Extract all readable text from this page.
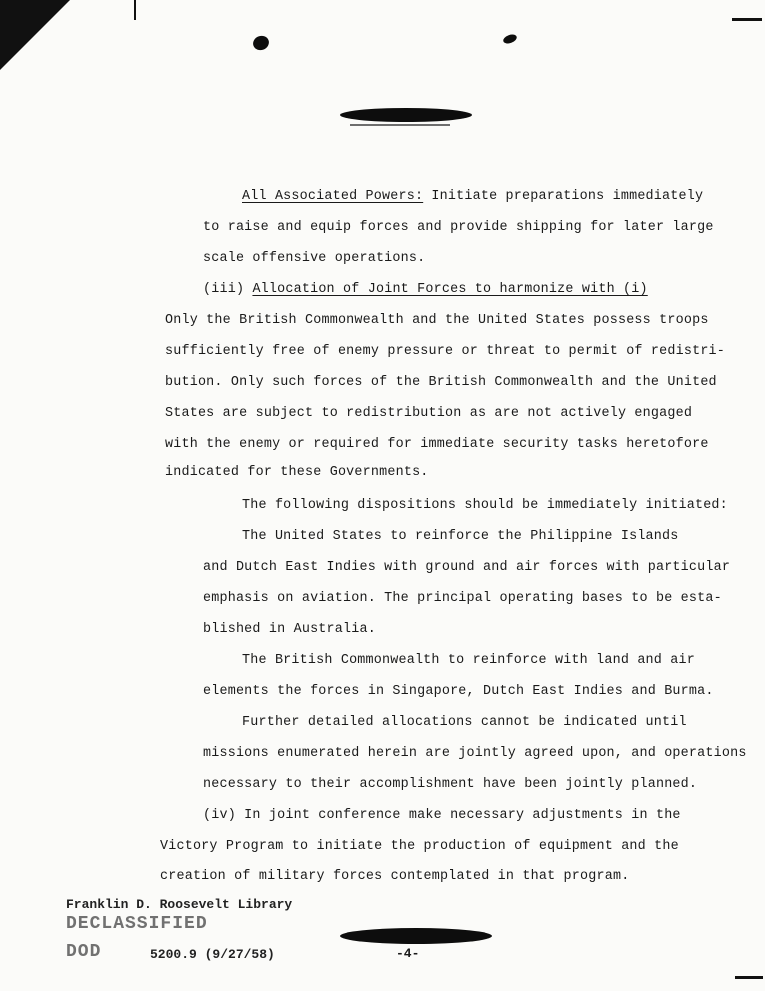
All Associated Powers: Initiate preparations immediately
to raise and equip forces and provide shipping for later large
scale offensive operations.
(iii) Allocation of Joint Forces to harmonize with (i)
Only the British Commonwealth and the United States possess troops
sufficiently free of enemy pressure or threat to permit of redistri-
bution. Only such forces of the British Commonwealth and the United
States are subject to redistribution as are not actively engaged
with the enemy or required for immediate security tasks heretofore
indicated for these Governments.
The following dispositions should be immediately initiated:
The United States to reinforce the Philippine Islands
and Dutch East Indies with ground and air forces with particular
emphasis on aviation. The principal operating bases to be esta-
blished in Australia.
The British Commonwealth to reinforce with land and air
elements the forces in Singapore, Dutch East Indies and Burma.
Further detailed allocations cannot be indicated until
missions enumerated herein are jointly agreed upon, and operations
necessary to their accomplishment have been jointly planned.
(iv) In joint conference make necessary adjustments in the
Victory Program to initiate the production of equipment and the
creation of military forces contemplated in that program.
Franklin D. Roosevelt Library
DECLASSIFIED
DOD	5200.9 (9/27/58)	-4-
